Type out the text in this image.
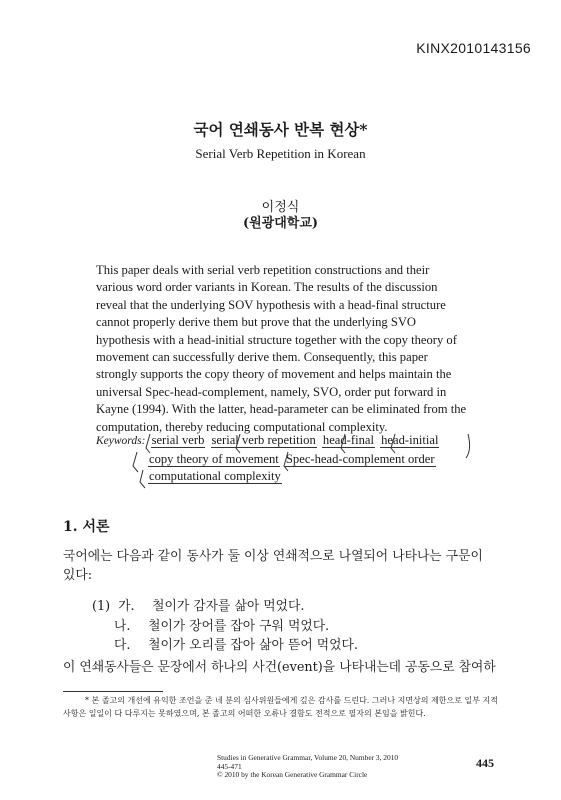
KINX2010143156
국어 연쇄동사 반복 현상*
Serial Verb Repetition in Korean
이정식
(원광대학교)
This paper deals with serial verb repetition constructions and their
various word order variants in Korean. The results of the discussion
reveal that the underlying SOV hypothesis with a head-final structure
cannot properly derive them but prove that the underlying SVO
hypothesis with a head-initial structure together with the copy theory of
movement can successfully derive them. Consequently, this paper
strongly supports the copy theory of movement and helps maintain the
universal Spec-head-complement, namely, SVO, order put forward in
Kayne (1994). With the latter, head-parameter can be eliminated from the
computation, thereby reducing computational complexity.
Keywords: serial verb serial verb repetition head-final head-initial
copy theory of movement Spec-head-complement order
computational complexity
1. 서론
국어에는 다음과 같이 동사가 둘 이상 연쇄적으로 나열되어 나타나는 구문이
있다:
(1) 가. 철이가 감자를 삶아 먹었다.
나. 철이가 장어를 잡아 구워 먹었다.
다. 철이가 오리를 잡아 삶아 뜯어 먹었다.
이 연쇄동사들은 문장에서 하나의 사건(event)을 나타내는데 공동으로 참여하
* 본 졸고의 개선에 유익한 조언을 준 네 분의 심사위원들에게 깊은 감사를 드린다. 그러나 지면상의 제한으로 일부 지적사항은 일일이 다 다루지는 못하였으며, 본 졸고의 어떠한 오류나 결함도 전적으로 필자의 본임을 밝힌다.
Studies in Generative Grammar, Volume 20, Number 3, 2010
445-471
© 2010 by the Korean Generative Grammar Circle
445
